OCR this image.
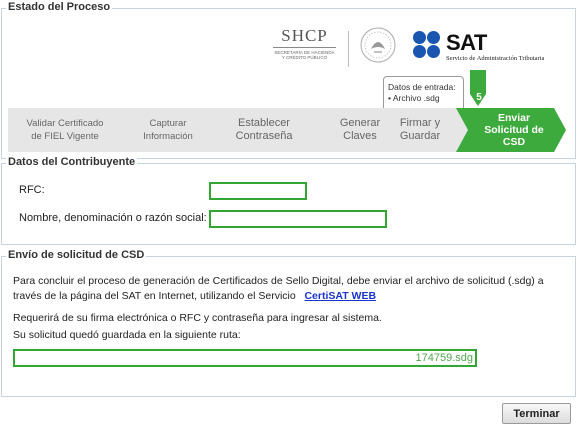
Estado del Proceso
SHCP
SECRETARÍA DE HACIENDA
Y CRÉDITO PÚBLICO
SAT
Servicio de Administración Tributaria
Datos de entrada:
• Archivo .sdg	5
Validar Certificado
de FIEL Vigente
Capturar
Información
Establecer
Contraseña
Generar
Claves
Firmar y
Guardar
Enviar
Solicitud de
CSD
Datos del Contribuyente
RFC:
Nombre, denominación o razón social:
Envío de solicitud de CSD
Para concluir el proceso de generación de Certificados de Sello Digital, debe enviar el archivo de solicitud (.sdg) a través de la página del SAT en Internet, utilizando el Servicio CertiSAT WEB
Requerirá de su firma electrónica o RFC y contraseña para ingresar al sistema.
Su solicitud quedó guardada en la siguiente ruta:
174759.sdg
Terminar
